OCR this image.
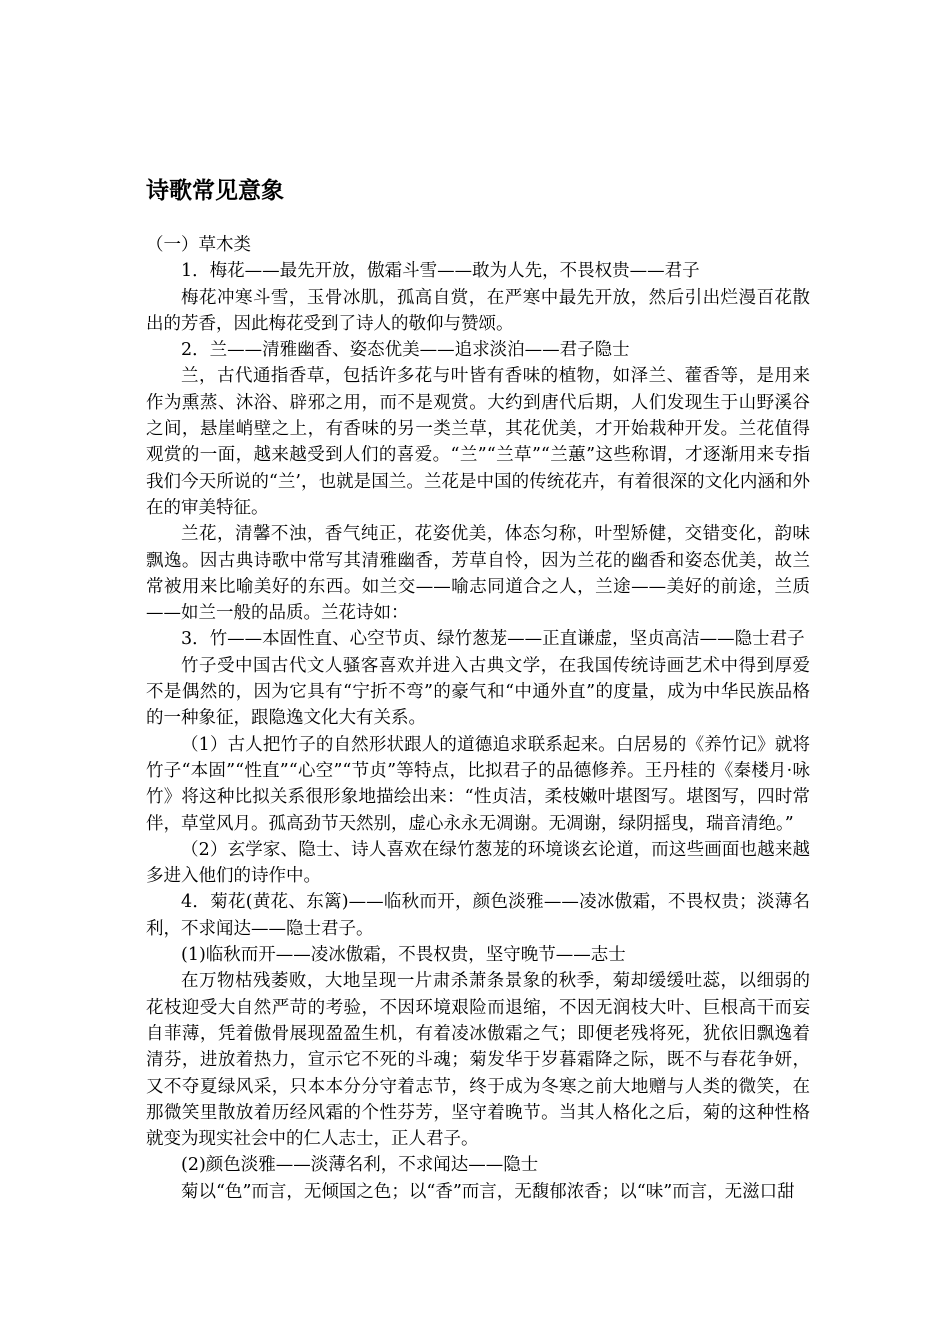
诗歌常见意象

（一）草木类

1．梅花——最先开放，傲霜斗雪——敢为人先，不畏权贵——君子

梅花冲寒斗雪，玉骨冰肌，孤高自赏，在严寒中最先开放，然后引出烂漫百花散出的芳香，因此梅花受到了诗人的敬仰与赞颂。

2．兰——清雅幽香、姿态优美——追求淡泊——君子隐士

兰，古代通指香草，包括许多花与叶皆有香味的植物，如泽兰、藿香等，是用来作为熏蒸、沐浴、辟邪之用，而不是观赏。大约到唐代后期，人们发现生于山野溪谷之间，悬崖峭壁之上，有香味的另一类兰草，其花优美，才开始栽种开发。兰花值得观赏的一面，越来越受到人们的喜爱。“兰”“兰草”“兰蕙”这些称谓，才逐渐用来专指我们今天所说的“兰’，也就是国兰。兰花是中国的传统花卉，有着很深的文化内涵和外在的审美特征。

兰花，清馨不浊，香气纯正，花姿优美，体态匀称，叶型矫健，交错变化，韵味飘逸。因古典诗歌中常写其清雅幽香，芳草自怜，因为兰花的幽香和姿态优美，故兰常被用来比喻美好的东西。如兰交——喻志同道合之人，兰途——美好的前途，兰质——如兰一般的品质。兰花诗如：

3．竹——本固性直、心空节贞、绿竹葱茏——正直谦虚，坚贞高洁——隐士君子

竹子受中国古代文人骚客喜欢并进入古典文学，在我国传统诗画艺术中得到厚爱不是偶然的，因为它具有“宁折不弯”的豪气和“中通外直”的度量，成为中华民族品格的一种象征，跟隐逸文化大有关系。

（1）古人把竹子的自然形状跟人的道德追求联系起来。白居易的《养竹记》就将竹子“本固”“性直”“心空”“节贞”等特点，比拟君子的品德修养。王丹桂的《秦楼月·咏竹》将这种比拟关系很形象地描绘出来：“性贞洁，柔枝嫩叶堪图写。堪图写，四时常伴，草堂风月。孤高劲节天然别，虚心永永无凋谢。无凋谢，绿阴摇曳，瑞音清绝。”

（2）玄学家、隐士、诗人喜欢在绿竹葱茏的环境谈玄论道，而这些画面也越来越多进入他们的诗作中。

4．菊花(黄花、东篱)——临秋而开，颜色淡雅——凌冰傲霜，不畏权贵；淡薄名利，不求闻达——隐士君子。

(1)临秋而开——凌冰傲霜，不畏权贵，坚守晚节——志士

在万物枯残萎败，大地呈现一片肃杀萧条景象的秋季，菊却缓缓吐蕊，以细弱的花枝迎受大自然严苛的考验，不因环境艰险而退缩，不因无润枝大叶、巨根高干而妄自菲薄，凭着傲骨展现盈盈生机，有着凌冰傲霜之气；即便老残将死，犹依旧飘逸着清芬，进放着热力，宣示它不死的斗魂；菊发华于岁暮霜降之际，既不与春花争妍，又不夺夏绿风采，只本本分分守着志节，终于成为冬寒之前大地赠与人类的微笑，在那微笑里散放着历经风霜的个性芬芳，坚守着晚节。当其人格化之后，菊的这种性格就变为现实社会中的仁人志士，正人君子。

(2)颜色淡雅——淡薄名利，不求闻达——隐士

菊以“色”而言，无倾国之色；以“香”而言，无馥郁浓香；以“味”而言，无滋口甜
